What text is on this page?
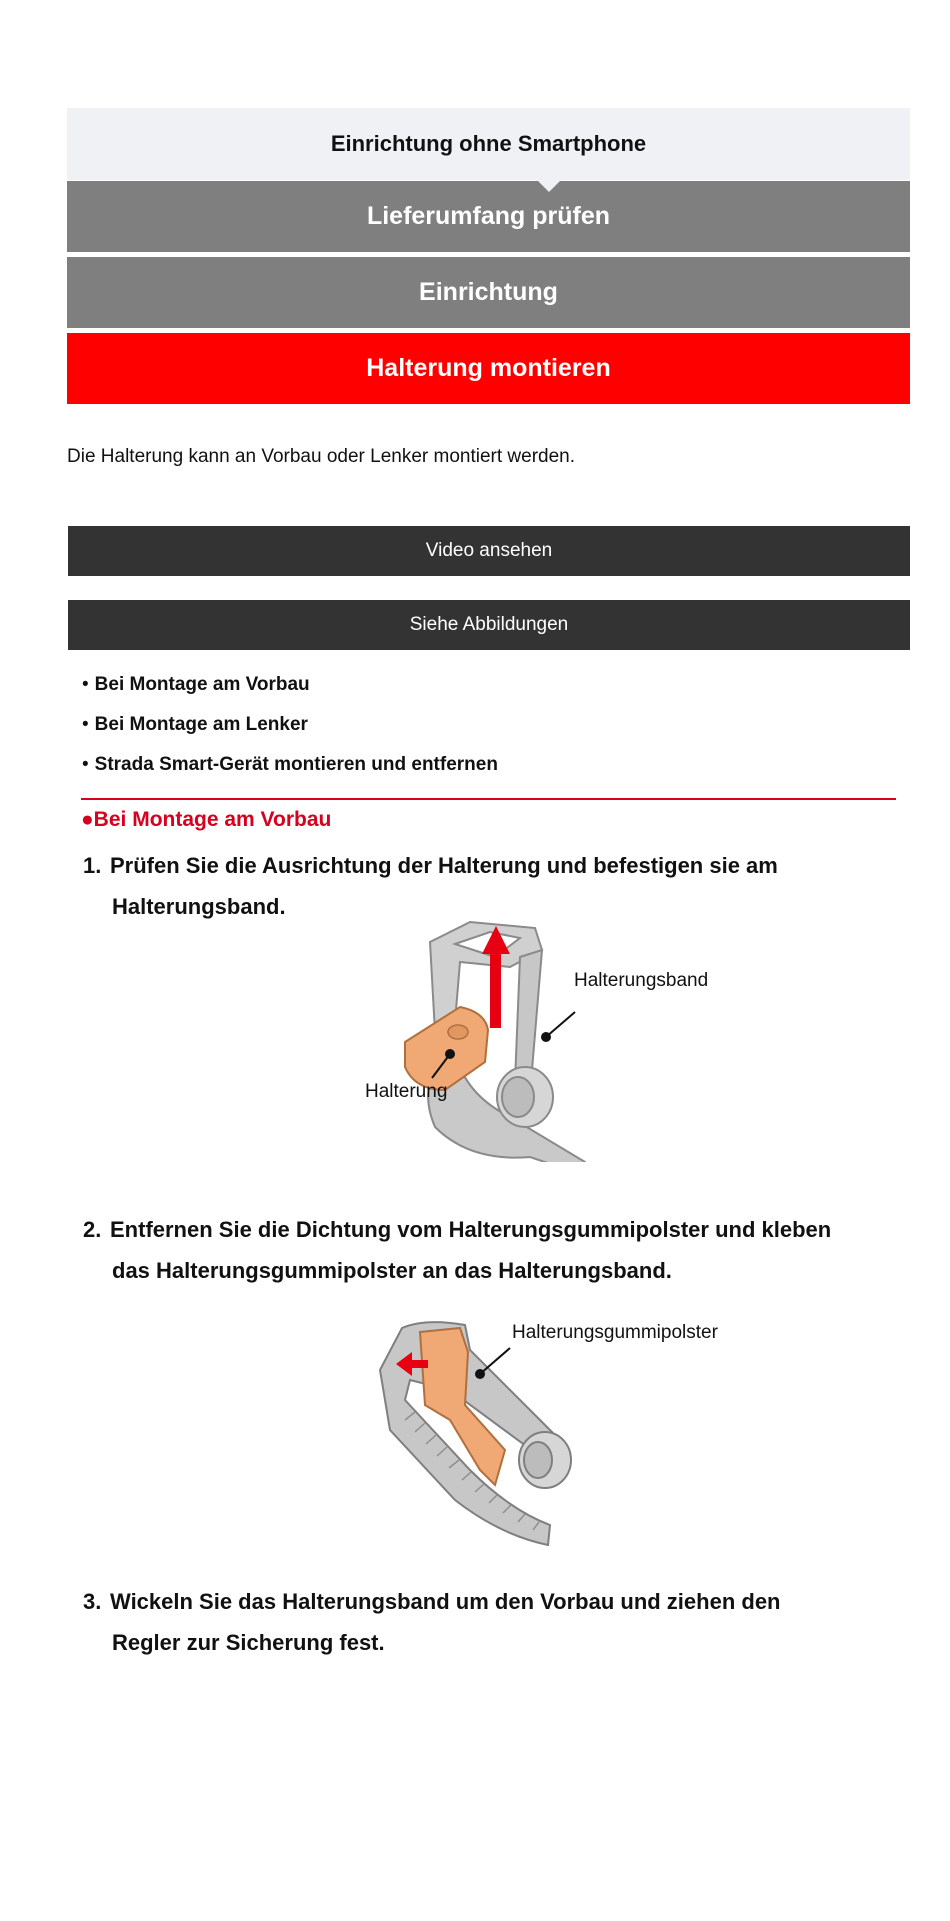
Einrichtung ohne Smartphone
Lieferumfang prüfen
Einrichtung
Halterung montieren
Die Halterung kann an Vorbau oder Lenker montiert werden.
Video ansehen
Siehe Abbildungen
• Bei Montage am Vorbau
• Bei Montage am Lenker
• Strada Smart-Gerät montieren und entfernen
●Bei Montage am Vorbau
1. Prüfen Sie die Ausrichtung der Halterung und befestigen sie am
Halterungsband.
Halterungsband
Halterung
2. Entfernen Sie die Dichtung vom Halterungsgummipolster und kleben
das Halterungsgummipolster an das Halterungsband.
Halterungsgummipolster
3. Wickeln Sie das Halterungsband um den Vorbau und ziehen den
Regler zur Sicherung fest.
